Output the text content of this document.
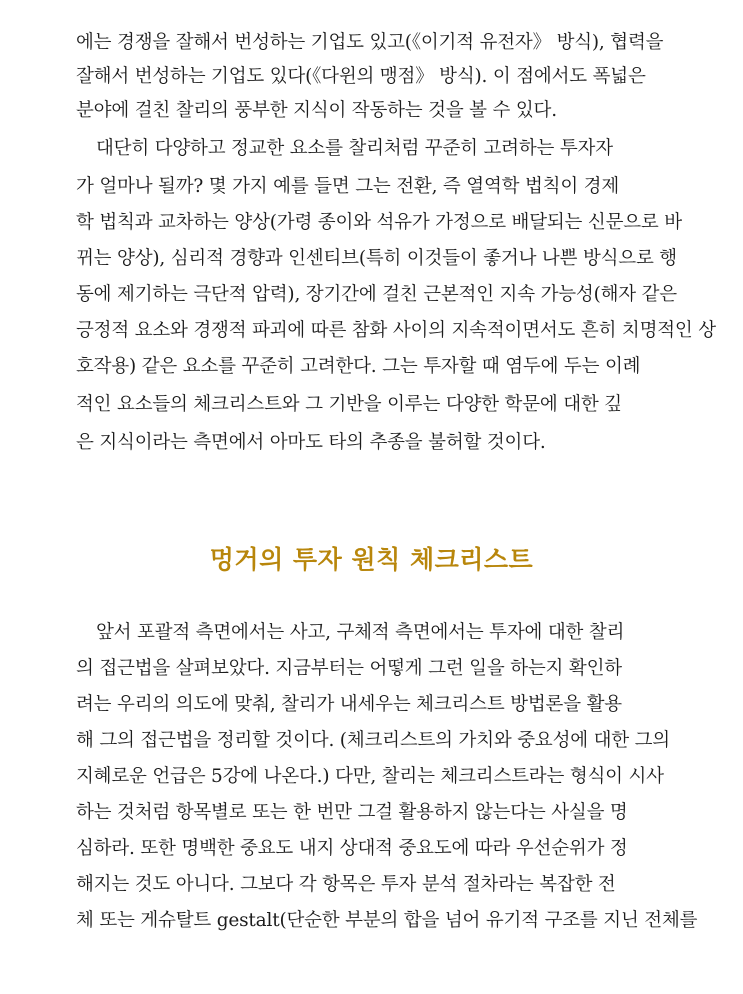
에는 경쟁을 잘해서 번성하는 기업도 있고(《이기적 유전자》 방식), 협력을
잘해서 번성하는 기업도 있다(《다윈의 맹점》 방식). 이 점에서도 폭넓은
분야에 걸친 찰리의 풍부한 지식이 작동하는 것을 볼 수 있다.
대단히 다양하고 정교한 요소를 찰리처럼 꾸준히 고려하는 투자자
가 얼마나 될까? 몇 가지 예를 들면 그는 전환, 즉 열역학 법칙이 경제
학 법칙과 교차하는 양상(가령 종이와 석유가 가정으로 배달되는 신문으로 바
뀌는 양상), 심리적 경향과 인센티브(특히 이것들이 좋거나 나쁜 방식으로 행
동에 제기하는 극단적 압력), 장기간에 걸친 근본적인 지속 가능성(해자 같은
긍정적 요소와 경쟁적 파괴에 따른 참화 사이의 지속적이면서도 흔히 치명적인 상
호작용) 같은 요소를 꾸준히 고려한다. 그는 투자할 때 염두에 두는 이례
적인 요소들의 체크리스트와 그 기반을 이루는 다양한 학문에 대한 깊
은 지식이라는 측면에서 아마도 타의 추종을 불허할 것이다.
멍거의 투자 원칙 체크리스트
앞서 포괄적 측면에서는 사고, 구체적 측면에서는 투자에 대한 찰리
의 접근법을 살펴보았다. 지금부터는 어떻게 그런 일을 하는지 확인하
려는 우리의 의도에 맞춰, 찰리가 내세우는 체크리스트 방법론을 활용
해 그의 접근법을 정리할 것이다. (체크리스트의 가치와 중요성에 대한 그의
지혜로운 언급은 5강에 나온다.) 다만, 찰리는 체크리스트라는 형식이 시사
하는 것처럼 항목별로 또는 한 번만 그걸 활용하지 않는다는 사실을 명
심하라. 또한 명백한 중요도 내지 상대적 중요도에 따라 우선순위가 정
해지는 것도 아니다. 그보다 각 항목은 투자 분석 절차라는 복잡한 전
체 또는 게슈탈트 gestalt(단순한 부분의 합을 넘어 유기적 구조를 지닌 전체를
